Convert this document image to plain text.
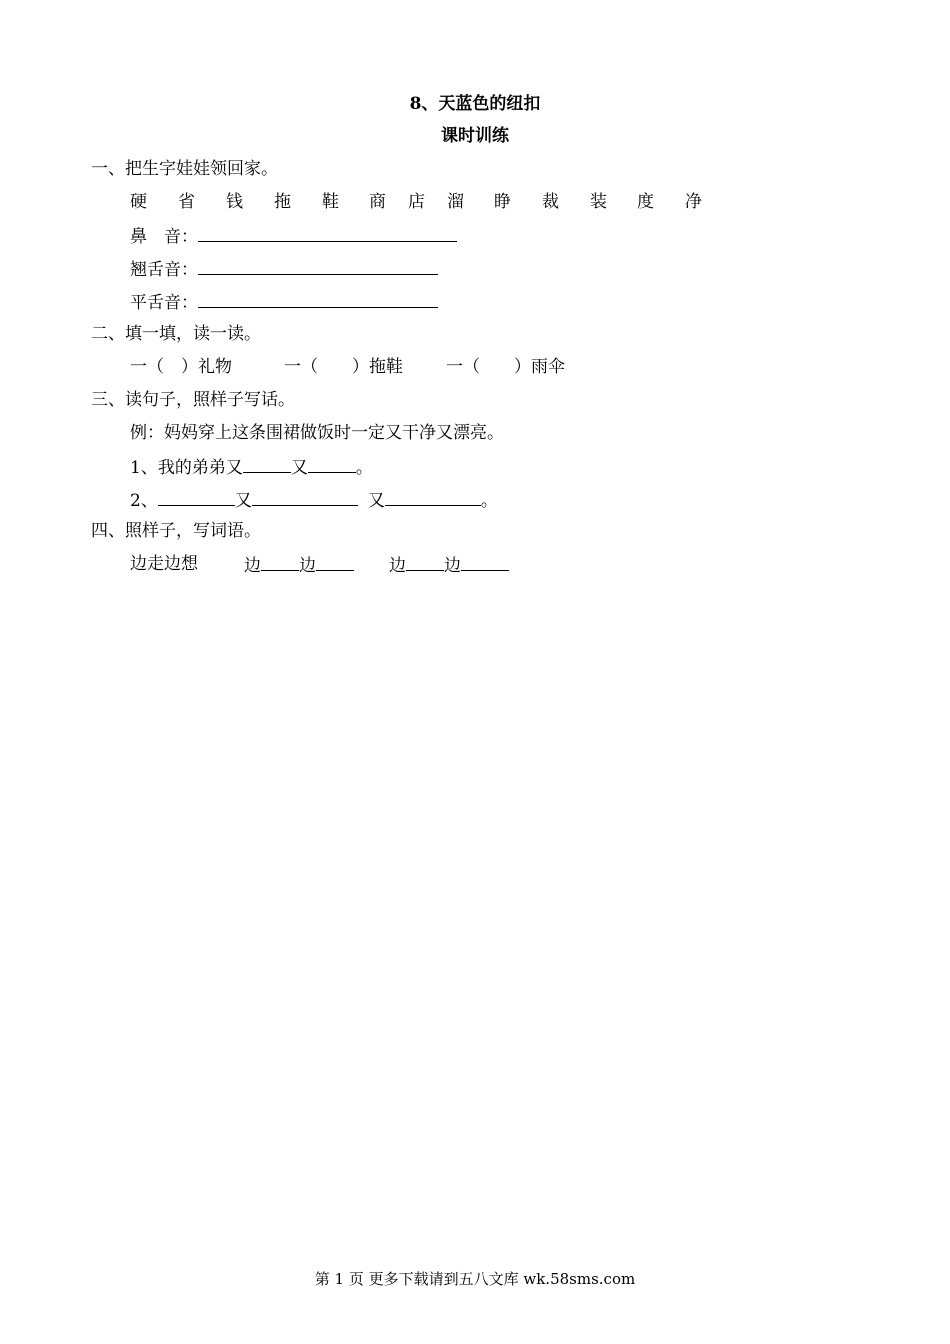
8、天蓝色的纽扣
课时训练
一、把生字娃娃领回家。
硬 省 钱 拖 鞋 商 店 溜 睁 裁 装 度 净
鼻　音：
翘舌音：
平舌音：
二、填一填，读一读。
一（　）礼物	一（　　）拖鞋	一（　　）雨伞
三、读句子，照样子写话。
例：妈妈穿上这条围裙做饭时一定又干净又漂亮。
1、我的弟弟又	又	。
2、	又	又	。
四、照样子，写词语。
边走边想	边 边	边 边
第 1 页 更多下载请到五八文库 wk.58sms.com
